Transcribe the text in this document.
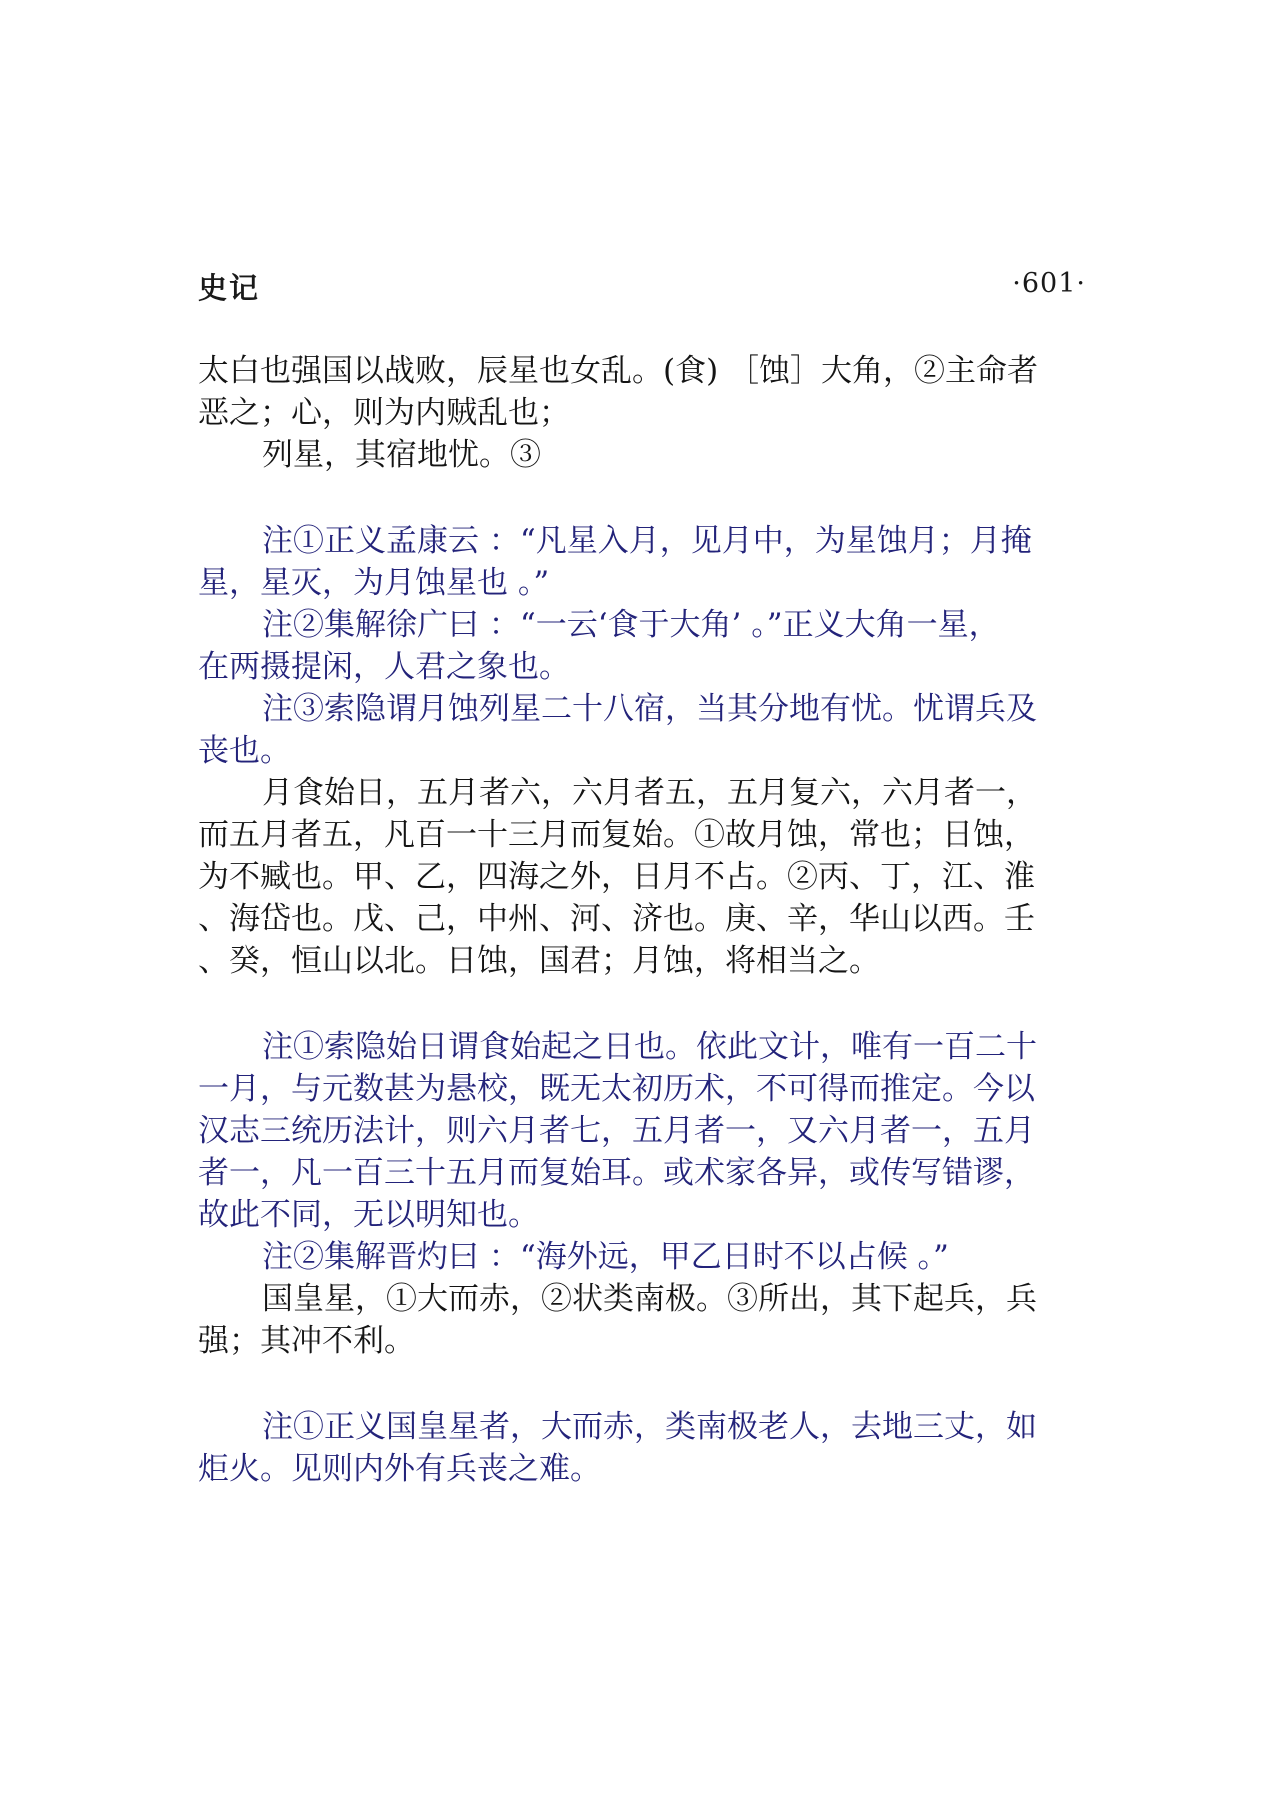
史记	·601·
太白也强国以战败，辰星也女乱。(食) ［蚀］大角，②主命者
恶之；心，则为内贼乱也；
列星，其宿地忧。③
注①正义孟康云 ：“凡星入月，见月中，为星蚀月；月掩
星，星灭，为月蚀星也 。”
注②集解徐广曰 ：“一云‘食于大角’ 。”正义大角一星，
在两摄提闲，人君之象也。
注③索隐谓月蚀列星二十八宿，当其分地有忧。忧谓兵及
丧也。
月食始日，五月者六，六月者五，五月复六，六月者一，
而五月者五，凡百一十三月而复始。①故月蚀，常也；日蚀，
为不臧也。甲、乙，四海之外，日月不占。②丙、丁，江、淮
、海岱也。戊、己，中州、河、济也。庚、辛，华山以西。壬
、癸，恒山以北。日蚀，国君；月蚀，将相当之。
注①索隐始日谓食始起之日也。依此文计，唯有一百二十
一月，与元数甚为悬校，既无太初历术，不可得而推定。今以
汉志三统历法计，则六月者七，五月者一，又六月者一，五月
者一，凡一百三十五月而复始耳。或术家各异，或传写错谬，
故此不同，无以明知也。
注②集解晋灼曰 ：“海外远，甲乙日时不以占候 。”
国皇星，①大而赤，②状类南极。③所出，其下起兵，兵
强；其冲不利。
注①正义国皇星者，大而赤，类南极老人，去地三丈，如
炬火。见则内外有兵丧之难。
